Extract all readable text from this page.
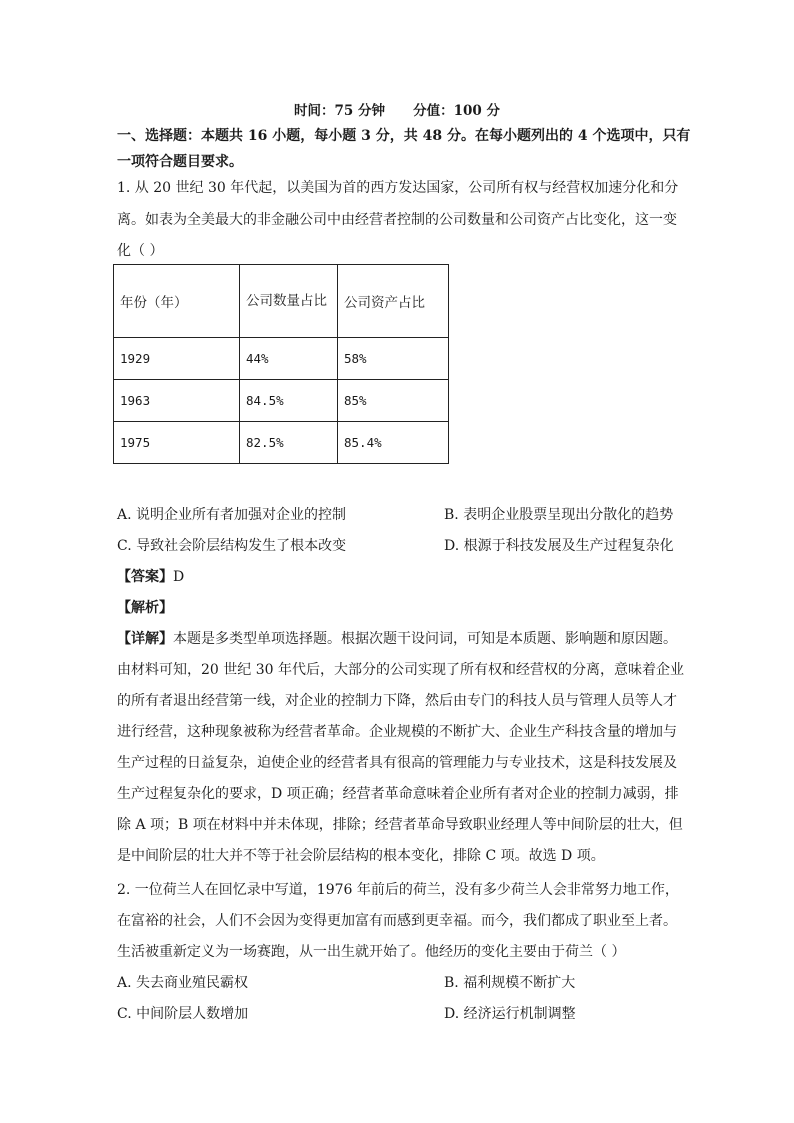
时间：75 分钟      分值：100 分
一、选择题：本题共 16 小题，每小题 3 分，共 48 分。在每小题列出的 4 个选项中，只有
一项符合题目要求。
1. 从 20 世纪 30 年代起，以美国为首的西方发达国家，公司所有权与经营权加速分化和分
离。如表为全美最大的非金融公司中由经营者控制的公司数量和公司资产占比变化，这一变
化（ ）
年份（年）	公司数量占比	公司资产占比
1929	44%	58%
1963	84.5%	85%
1975	82.5%	85.4%
A. 说明企业所有者加强对企业的控制	B. 表明企业股票呈现出分散化的趋势
C. 导致社会阶层结构发生了根本改变	D. 根源于科技发展及生产过程复杂化
【答案】D
【解析】
【详解】本题是多类型单项选择题。根据次题干设问词，可知是本质题、影响题和原因题。
由材料可知，20 世纪 30 年代后，大部分的公司实现了所有权和经营权的分离，意味着企业
的所有者退出经营第一线，对企业的控制力下降，然后由专门的科技人员与管理人员等人才
进行经营，这种现象被称为经营者革命。企业规模的不断扩大、企业生产科技含量的增加与
生产过程的日益复杂，迫使企业的经营者具有很高的管理能力与专业技术，这是科技发展及
生产过程复杂化的要求，D 项正确；经营者革命意味着企业所有者对企业的控制力减弱，排
除 A 项；B 项在材料中并未体现，排除；经营者革命导致职业经理人等中间阶层的壮大，但
是中间阶层的壮大并不等于社会阶层结构的根本变化，排除 C 项。故选 D 项。
2. 一位荷兰人在回忆录中写道，1976 年前后的荷兰，没有多少荷兰人会非常努力地工作，
在富裕的社会，人们不会因为变得更加富有而感到更幸福。而今，我们都成了职业至上者。
生活被重新定义为一场赛跑，从一出生就开始了。他经历的变化主要由于荷兰（ ）
A. 失去商业殖民霸权	B. 福利规模不断扩大
C. 中间阶层人数增加	D. 经济运行机制调整
